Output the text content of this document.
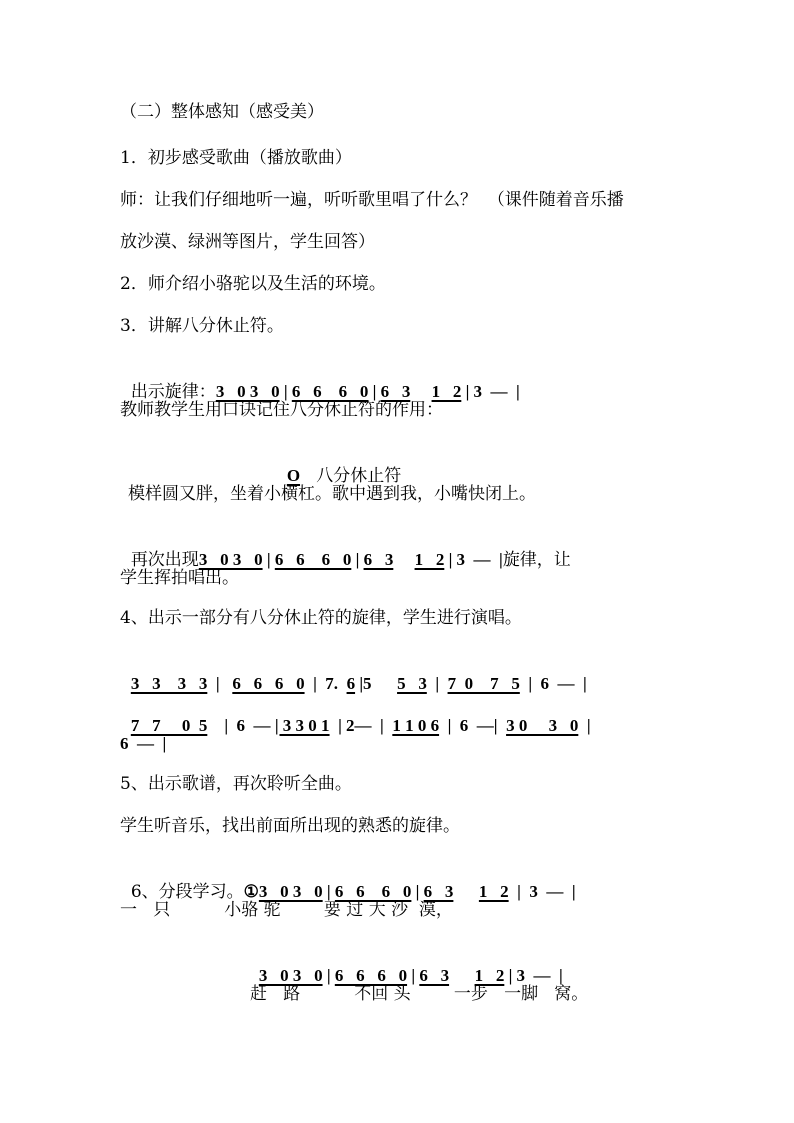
（二）整体感知（感受美）
1．初步感受歌曲（播放歌曲）
师：让我们仔细地听一遍，听听歌里唱了什么？  （课件随着音乐播
放沙漠、绿洲等图片，学生回答）
2．师介绍小骆驼以及生活的环境。
3．讲解八分休止符。

出示旋律：3   0 3   0 | 6   6    6   0 | 6   3 1   2 | 3  —  |

教师教学生用口诀记住八分休止符的作用：

O   八分休止符

模样圆又胖，坐着小横杠。歌中遇到我，小嘴快闭上。

再次出现3   0 3   0 | 6   6    6   0 | 6   3 1   2 | 3  —  |旋律，让

学生挥拍唱出。
4、出示一部分有八分休止符的旋律，学生进行演唱。

3   3    3   3  |   6   6   6   0  |  7.  6 |5      5   3  |  7  0    7   5  |  6  —  |

7   7     0  5    |  6  — | 3 3 0 1  | 2—  |  1 1 0 6  |  6  —|  3 0     3   0  |

6  —  |
5、出示歌谱，再次聆听全曲。
学生听音乐，找出前面所出现的熟悉的旋律。

6、分段学习。①3   0 3   0 | 6   6    6   0 | 6   3 1   2  |  3  —  |

一   只          小骆 驼        要 过 大 沙  漠，

3   0 3   0 | 6   6   6   0 | 6   3 1   2 | 3  —  |

赶   路          不回 头        一步   一脚   窝。
